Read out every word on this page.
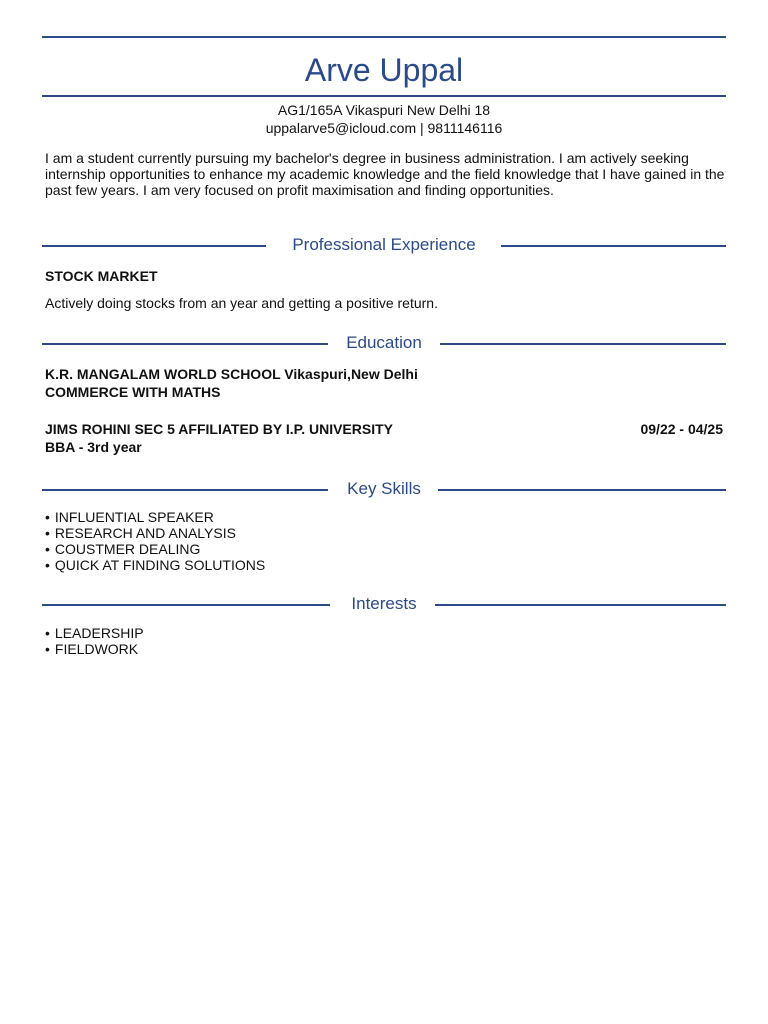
Arve Uppal
AG1/165A Vikaspuri New Delhi 18
uppalarve5@icloud.com | 9811146116
I am a student currently pursuing my bachelor's degree in business administration. I am actively seeking internship opportunities to enhance my academic knowledge and the field knowledge that I have gained in the past few years. I am very focused on profit maximisation and finding opportunities.
Professional Experience
STOCK MARKET
Actively doing stocks from an year and getting a positive return.
Education
K.R. MANGALAM WORLD SCHOOL Vikaspuri,New Delhi
COMMERCE WITH MATHS
JIMS ROHINI SEC 5 AFFILIATED BY I.P. UNIVERSITY	09/22 - 04/25
BBA - 3rd year
Key Skills
• INFLUENTIAL SPEAKER
• RESEARCH AND ANALYSIS
• COUSTMER DEALING
• QUICK AT FINDING SOLUTIONS
Interests
• LEADERSHIP
• FIELDWORK
